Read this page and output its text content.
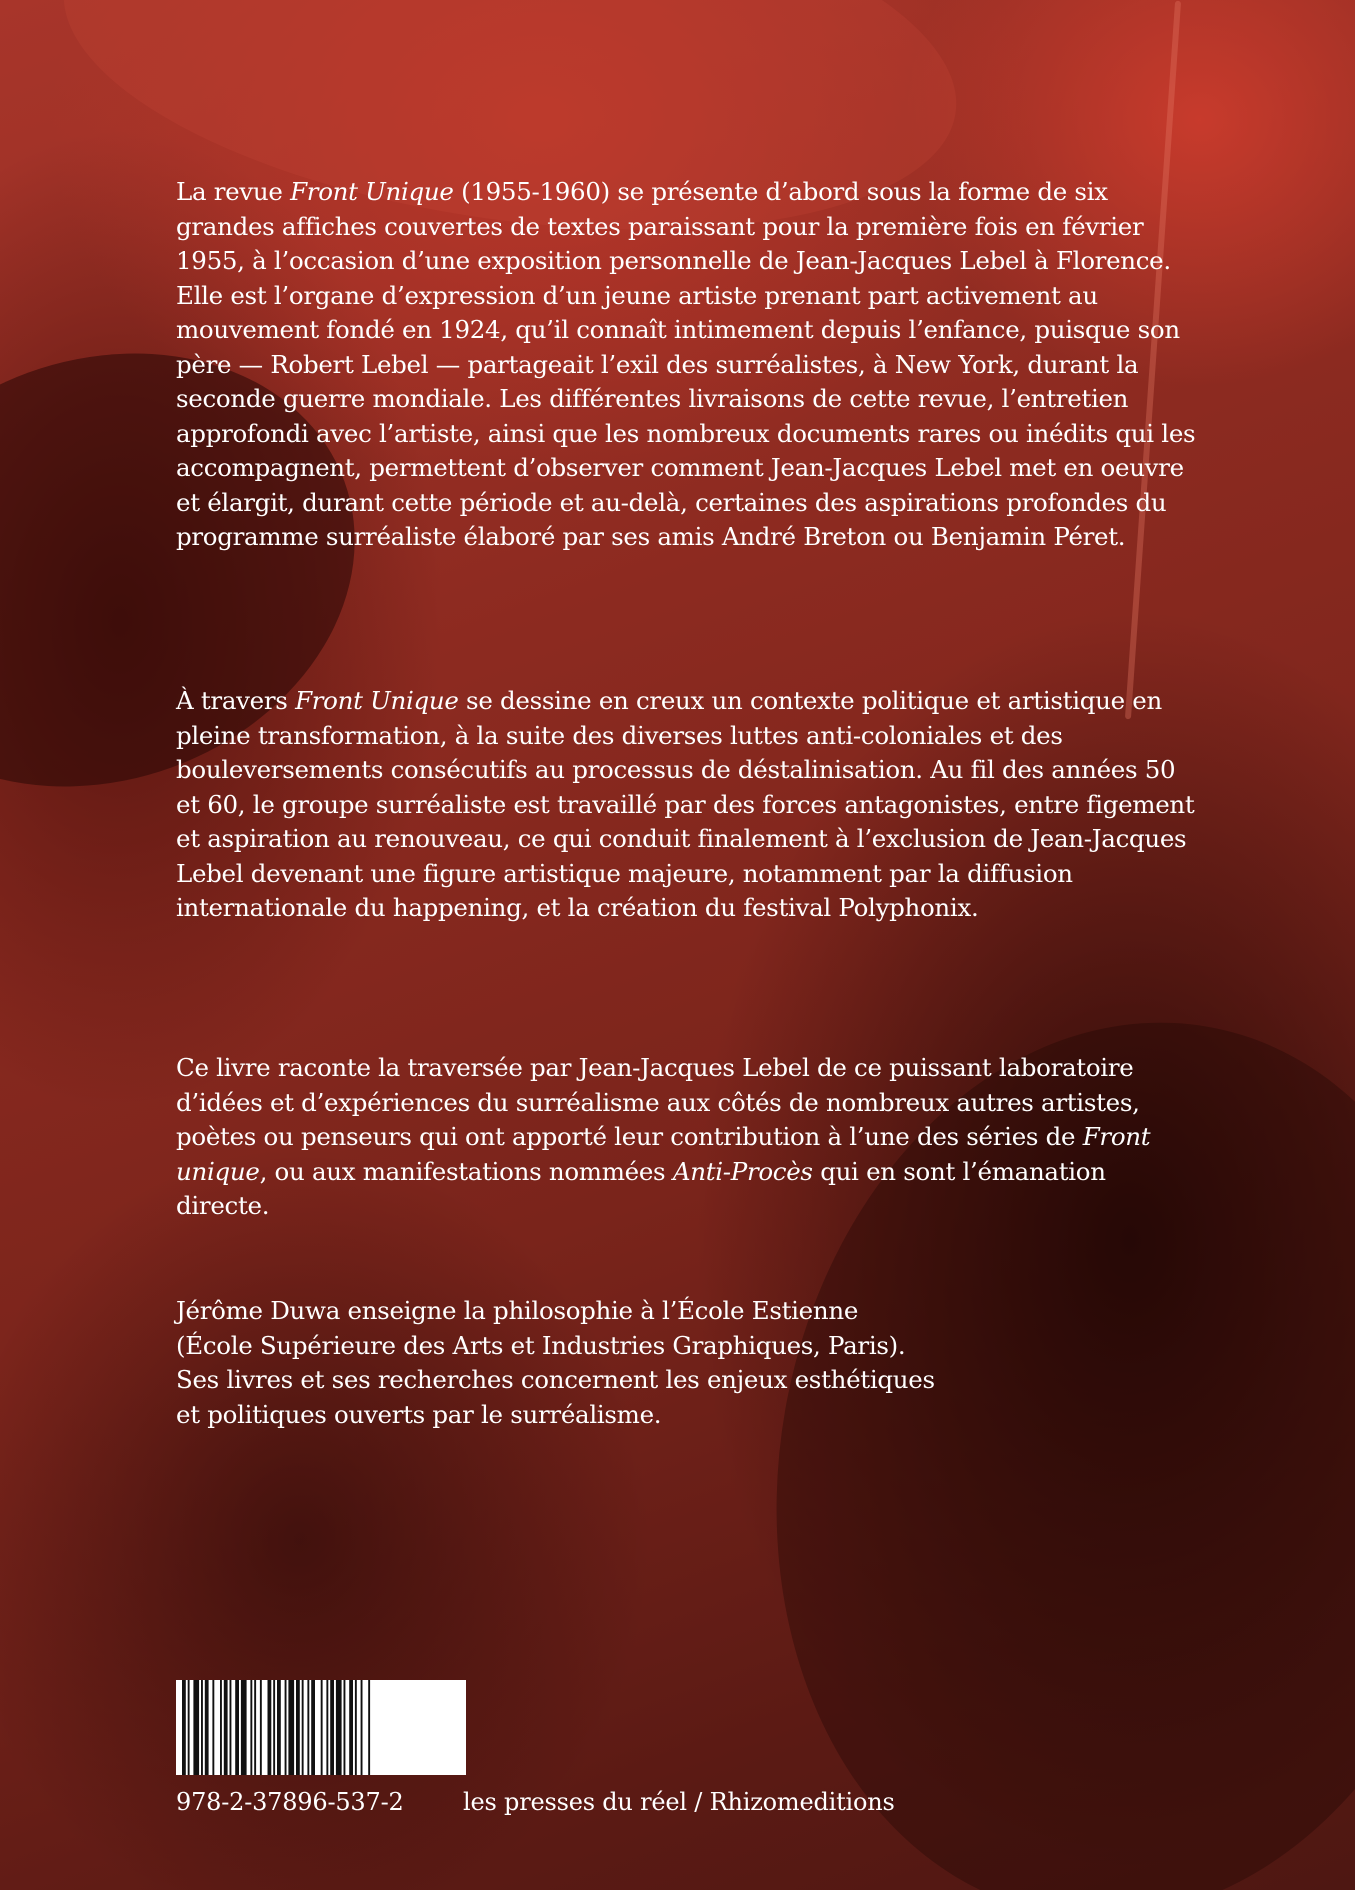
La revue Front Unique (1955-1960) se présente d’abord sous la forme de six grandes affiches couvertes de textes paraissant pour la première fois en février 1955, à l’occasion d’une exposition personnelle de Jean-Jacques Lebel à Florence. Elle est l’organe d’expression d’un jeune artiste prenant part activement au mouvement fondé en 1924, qu’il connaît intimement depuis l’enfance, puisque son père — Robert Lebel — partageait l’exil des surréalistes, à New York, durant la seconde guerre mondiale. Les différentes livraisons de cette revue, l’entretien approfondi avec l’artiste, ainsi que les nombreux documents rares ou inédits qui les accompagnent, permettent d’observer comment Jean-Jacques Lebel met en oeuvre et élargit, durant cette période et au-delà, certaines des aspirations profondes du programme surréaliste élaboré par ses amis André Breton ou Benjamin Péret.

À travers Front Unique se dessine en creux un contexte politique et artistique en pleine transformation, à la suite des diverses luttes anti-coloniales et des bouleversements consécutifs au processus de déstalinisation. Au fil des années 50 et 60, le groupe surréaliste est travaillé par des forces antagonistes, entre figement et aspiration au renouveau, ce qui conduit finalement à l’exclusion de Jean-Jacques Lebel devenant une figure artistique majeure, notamment par la diffusion internationale du happening, et la création du festival Polyphonix.

Ce livre raconte la traversée par Jean-Jacques Lebel de ce puissant laboratoire d’idées et d’expériences du surréalisme aux côtés de nombreux autres artistes, poètes ou penseurs qui ont apporté leur contribution à l’une des séries de Front unique, ou aux manifestations nommées Anti-Procès qui en sont l’émanation directe.

Jérôme Duwa enseigne la philosophie à l’École Estienne
(École Supérieure des Arts et Industries Graphiques, Paris).
Ses livres et ses recherches concernent les enjeux esthétiques
et politiques ouverts par le surréalisme.
978-2-37896-537-2 les presses du réel / Rhizomeditions
